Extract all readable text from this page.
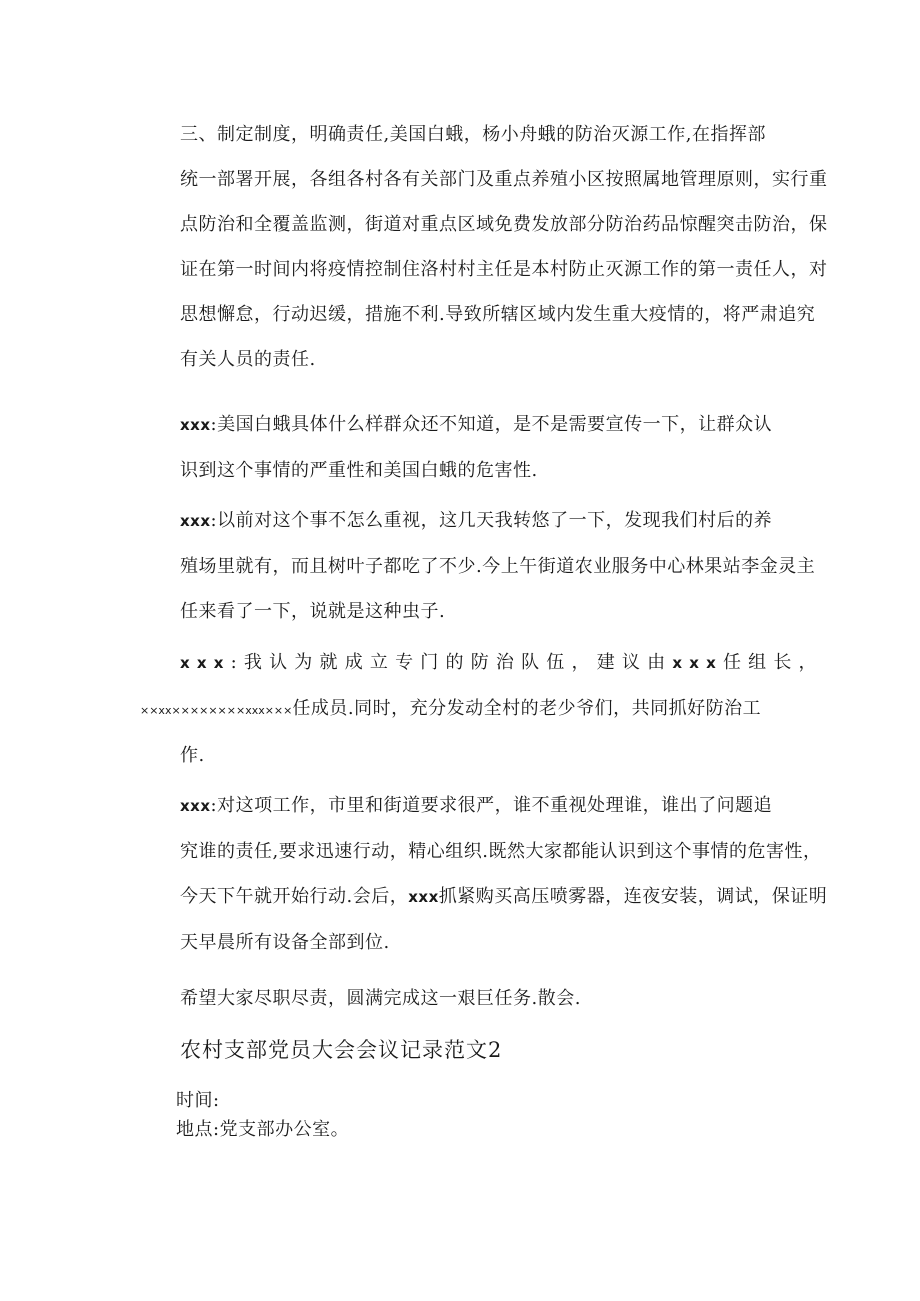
三、制定制度，明确责任,美国白蛾，杨小舟蛾的防治灭源工作,在指挥部
统一部署开展，各组各村各有关部门及重点养殖小区按照属地管理原则，实行重
点防治和全覆盖监测，街道对重点区域免费发放部分防治药品惊醒突击防治，保
证在第一时间内将疫情控制住洛村村主任是本村防止灭源工作的第一责任人，对
思想懈怠，行动迟缓，措施不利.导致所辖区域内发生重大疫情的，将严肃追究
有关人员的责任.

xxx:美国白蛾具体什么样群众还不知道，是不是需要宣传一下，让群众认
识到这个事情的严重性和美国白蛾的危害性.

xxx:以前对这个事不怎么重视，这几天我转悠了一下，发现我们村后的养
殖场里就有，而且树叶子都吃了不少.今上午街道农业服务中心林果站李金灵主
任来看了一下，说就是这种虫子.

xxx:我认为就成立专门的防治队伍，建议由xxx任组长，
××xx××××××××xxx×××任成员.同时，充分发动全村的老少爷们，共同抓好防治工
作.

xxx:对这项工作，市里和街道要求很严，谁不重视处理谁，谁出了问题追
究谁的责任,要求迅速行动，精心组织.既然大家都能认识到这个事情的危害性，
今天下午就开始行动.会后，xxx抓紧购买高压喷雾器，连夜安装，调试，保证明
天早晨所有设备全部到位.

希望大家尽职尽责，圆满完成这一艰巨任务.散会.

农村支部党员大会会议记录范文2
时间:
地点:党支部办公室。
